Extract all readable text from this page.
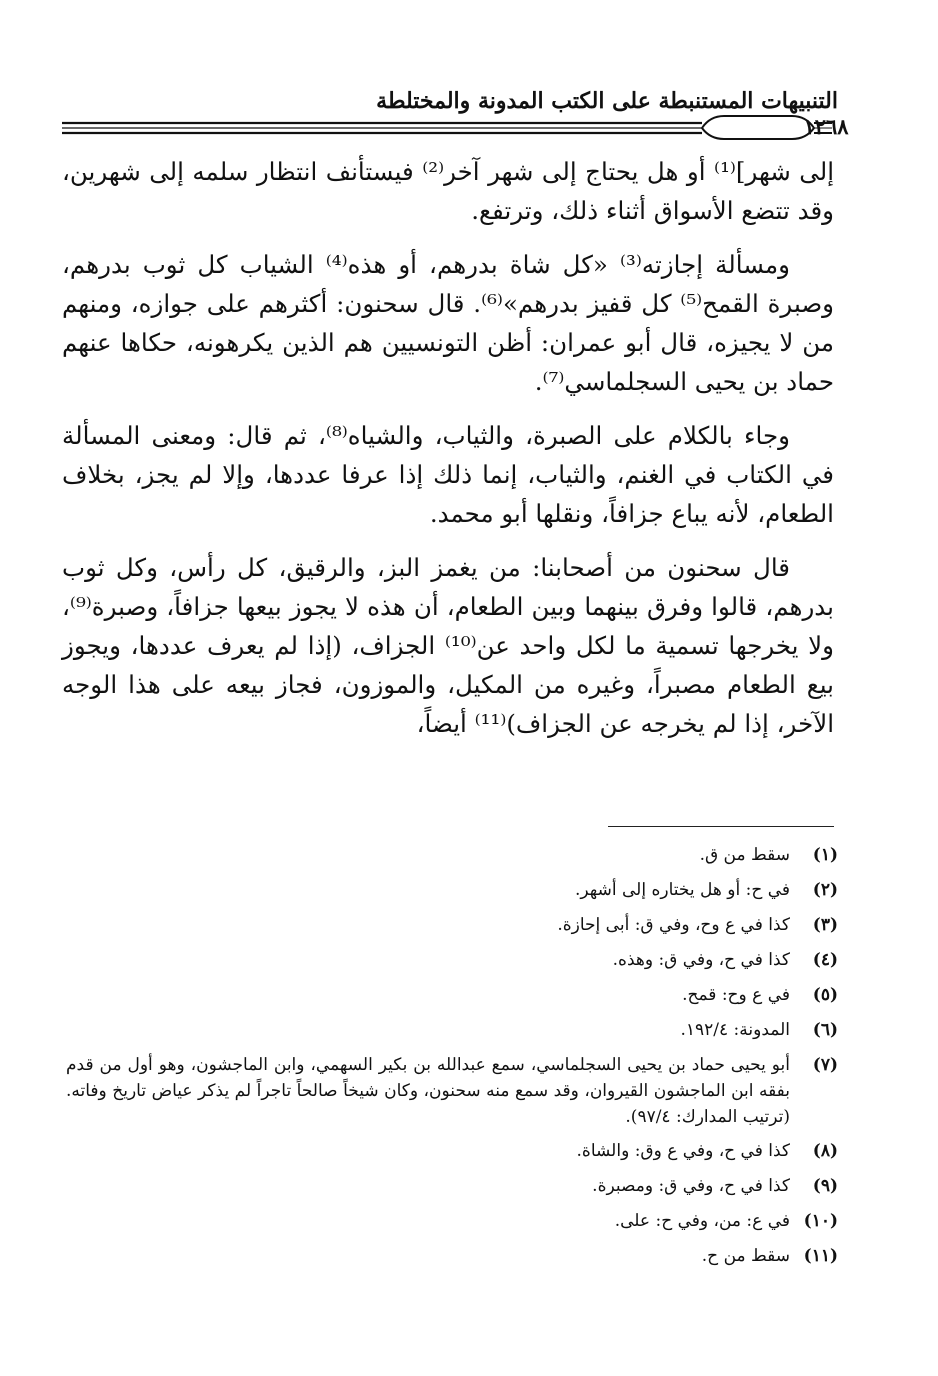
التنبيهات المستنبطة على الكتب المدونة والمختلطة
١٢٦٨

إلى شهر]⁽¹⁾ أو هل يحتاج إلى شهر آخر⁽²⁾ فيستأنف انتظار سلمه إلى شهرين، وقد تتضع الأسواق أثناء ذلك، وترتفع.

ومسألة إجازته⁽³⁾ «كل شاة بدرهم، أو هذه⁽⁴⁾ الشياب كل ثوب بدرهم، وصبرة القمح⁽⁵⁾ كل قفيز بدرهم»⁽⁶⁾. قال سحنون: أكثرهم على جوازه، ومنهم من لا يجيزه، قال أبو عمران: أظن التونسيين هم الذين يكرهونه، حكاها عنهم حماد بن يحيى السجلماسي⁽⁷⁾.

وجاء بالكلام على الصبرة، والثياب، والشياه⁽⁸⁾، ثم قال: ومعنى المسألة في الكتاب في الغنم، والثياب، إنما ذلك إذا عرفا عددها، وإلا لم يجز، بخلاف الطعام، لأنه يباع جزافاً، ونقلها أبو محمد.

قال سحنون من أصحابنا: من يغمز البز، والرقيق، كل رأس، وكل ثوب بدرهم، قالوا وفرق بينهما وبين الطعام، أن هذه لا يجوز بيعها جزافاً، وصبرة⁽⁹⁾، ولا يخرجها تسمية ما لكل واحد عن⁽¹⁰⁾ الجزاف، (إذا لم يعرف عددها، ويجوز بيع الطعام مصبراً، وغيره من المكيل، والموزون، فجاز بيعه على هذا الوجه الآخر، إذا لم يخرجه عن الجزاف)⁽¹¹⁾ أيضاً،

(١)
سقط من ق.
(٢)
في ح: أو هل يختاره إلى أشهر.
(٣)
كذا في ع وح، وفي ق: أبى إحازة.
(٤)
كذا في ح، وفي ق: وهذه.
(٥)
في ع وح: قمح.
(٦)
المدونة: ١٩٢/٤.
(٧)
أبو يحيى حماد بن يحيى السجلماسي، سمع عبدالله بن بكير السهمي، وابن الماجشون، وهو أول من قدم بفقه ابن الماجشون القيروان، وقد سمع منه سحنون، وكان شيخاً صالحاً تاجراً لم يذكر عياض تاريخ وفاته. (ترتيب المدارك: ٩٧/٤).
(٨)
كذا في ح، وفي ع وق: والشاة.
(٩)
كذا في ح، وفي ق: ومصبرة.
(١٠)
في ع: من، وفي ح: على.
(١١)
سقط من ح.
